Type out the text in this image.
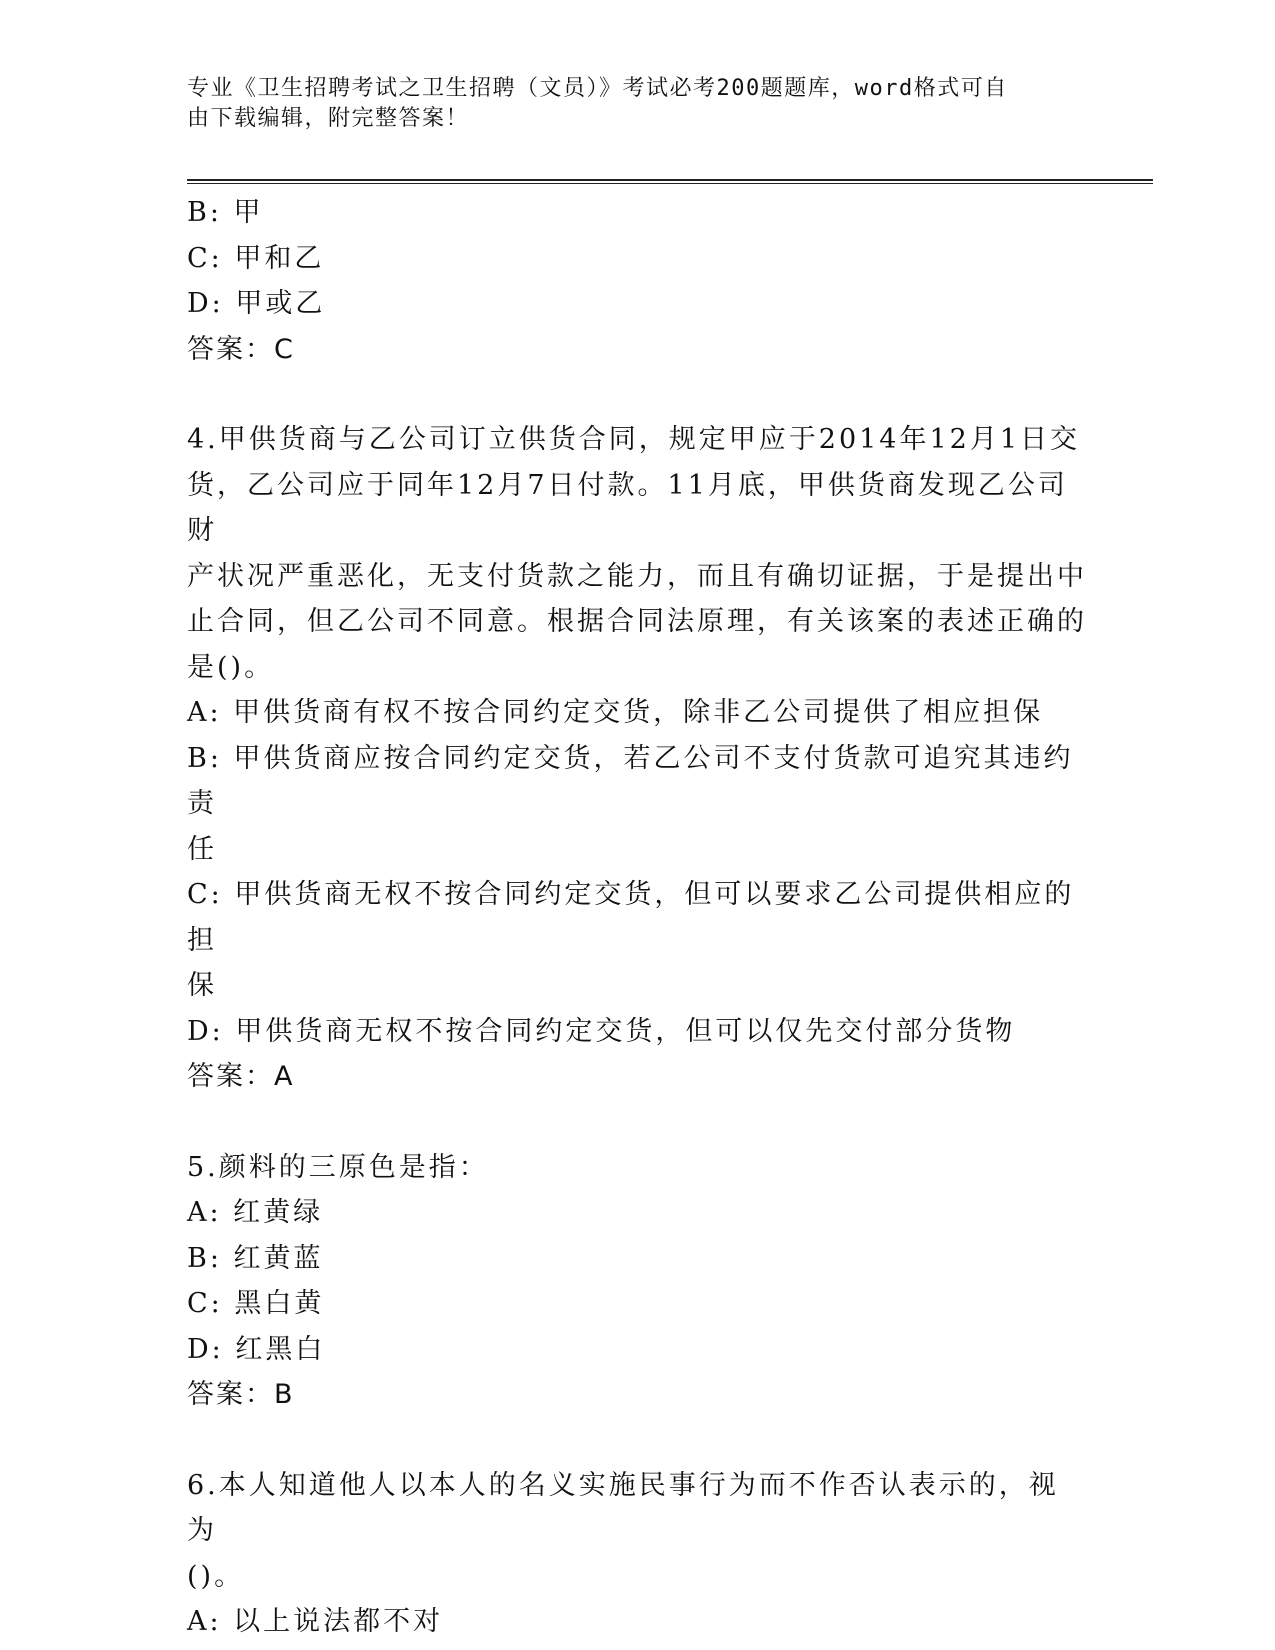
专业《卫生招聘考试之卫生招聘（文员）》考试必考200题题库，word格式可自
由下载编辑，附完整答案！
B: 甲
C: 甲和乙
D: 甲或乙
答案：C
4.甲供货商与乙公司订立供货合同，规定甲应于2014年12月1日交
货，乙公司应于同年12月7日付款。11月底，甲供货商发现乙公司财
产状况严重恶化，无支付货款之能力，而且有确切证据，于是提出中
止合同，但乙公司不同意。根据合同法原理，有关该案的表述正确的
是()。
A: 甲供货商有权不按合同约定交货，除非乙公司提供了相应担保
B: 甲供货商应按合同约定交货，若乙公司不支付货款可追究其违约责
任
C: 甲供货商无权不按合同约定交货，但可以要求乙公司提供相应的担
保
D: 甲供货商无权不按合同约定交货，但可以仅先交付部分货物
答案：A
5.颜料的三原色是指：
A: 红黄绿
B: 红黄蓝
C: 黑白黄
D: 红黑白
答案：B
6.本人知道他人以本人的名义实施民事行为而不作否认表示的，视为
()。
A: 以上说法都不对
